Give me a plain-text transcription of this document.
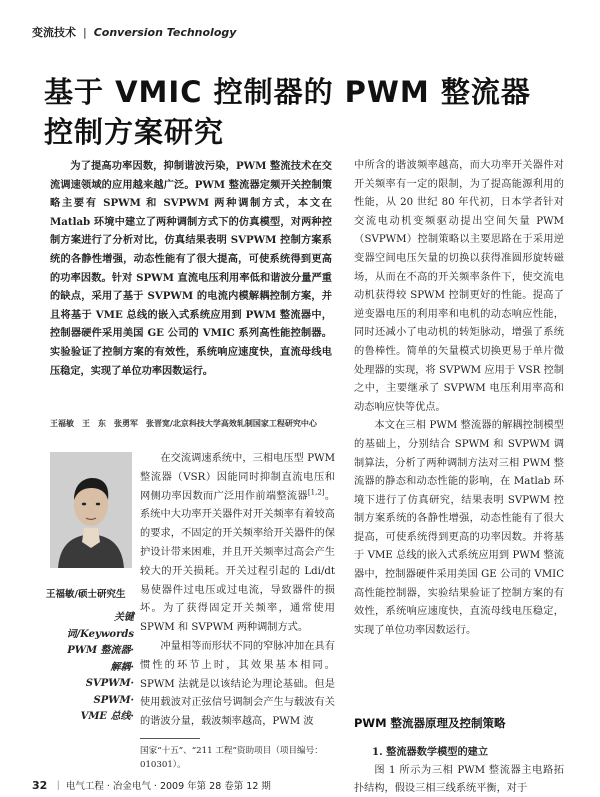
变流技术 | Conversion Technology
基于 VMIC 控制器的 PWM 整流器
控制方案研究

为了提高功率因数，抑制谐波污染，PWM 整流技术在交流调速领域的应用越来越广泛。PWM 整流器定频开关控制策略主要有 SPWM 和 SVPWM 两种调制方式，本文在 Matlab 环境中建立了两种调制方式下的仿真模型，对两种控制方案进行了分析对比，仿真结果表明 SVPWM 控制方案系统的各静性增强，动态性能有了很大提高，可使系统得到更高的功率因数。针对 SPWM 直流电压利用率低和谐波分量严重的缺点，采用了基于 SVPWM 的电流内模解耦控制方案，并且将基于 VME 总线的嵌入式系统应用到 PWM 整流器中，控制器硬件采用美国 GE 公司的 VMIC 系列高性能控制器。实验验证了控制方案的有效性，系统响应速度快，直流母线电压稳定，实现了单位功率因数运行。

王福敏　王　东　张勇军　张晋宽/北京科技大学高效轧制国家工程研究中心
王福敏/硕士研究生
关键词/Keywords
PWM 整流器·
解耦·
SVPWM·
SPWM·
VME 总线·

在交流调速系统中，三相电压型 PWM 整流器（VSR）因能同时抑制直流电压和网侧功率因数而广泛用作前端整流器[1,2]。系统中大功率开关器件对开关频率有着较高的要求，不固定的开关频率给开关器件的保护设计带来困难，并且开关频率过高会产生较大的开关损耗。开关过程引起的 Ldi/dt 易使器件过电压或过电流，导致器件的损坏。为了获得固定开关频率，通常使用 SPWM 和 SVPWM 两种调制方式。

冲量相等而形状不同的窄脉冲加在具有惯性的环节上时，其效果基本相同。SPWM 法就是以该结论为理论基础。但是使用载波对正弦信号调制会产生与载波有关的谐波分量，载波频率越高，PWM 波

国家“十五”、“211 工程”资助项目（项目编号：010301）。

中所含的谐波频率越高，而大功率开关器件对开关频率有一定的限制，为了提高能源利用的性能，从 20 世纪 80 年代初，日本学者针对交流电动机变频驱动提出空间矢量 PWM（SVPWM）控制策略以主要思路在于采用逆变器空间电压矢量的切换以获得准圆形旋转磁场，从而在不高的开关频率条件下，使交流电动机获得较 SPWM 控制更好的性能。提高了逆变器电压的利用率和电机的动态响应性能，同时还减小了电动机的转矩脉动，增强了系统的鲁棒性。简单的矢量模式切换更易于单片微处理器的实现，将 SVPWM 应用于 VSR 控制之中，主要继承了 SVPWM 电压利用率高和动态响应快等优点。

本文在三相 PWM 整流器的解耦控制模型的基础上，分别结合 SPWM 和 SVPWM 调制算法，分析了两种调制方法对三相 PWM 整流器的静态和动态性能的影响，在 Matlab 环境下进行了仿真研究，结果表明 SVPWM 控制方案系统的各静性增强，动态性能有了很大提高，可使系统得到更高的功率因数。并将基于 VME 总线的嵌入式系统应用到 PWM 整流器中，控制器硬件采用美国 GE 公司的 VMIC 高性能控制器，实验结果验证了控制方案的有效性，系统响应速度快，直流母线电压稳定，实现了单位功率因数运行。

PWM 整流器原理及控制策略
1. 整流器数学模型的建立

图 1 所示为三相 PWM 整流器主电路拓扑结构，假设三相三线系统平衡，对于

32 ｜ 电气工程 · 冶金电气 · 2009 年第 28 卷第 12 期
